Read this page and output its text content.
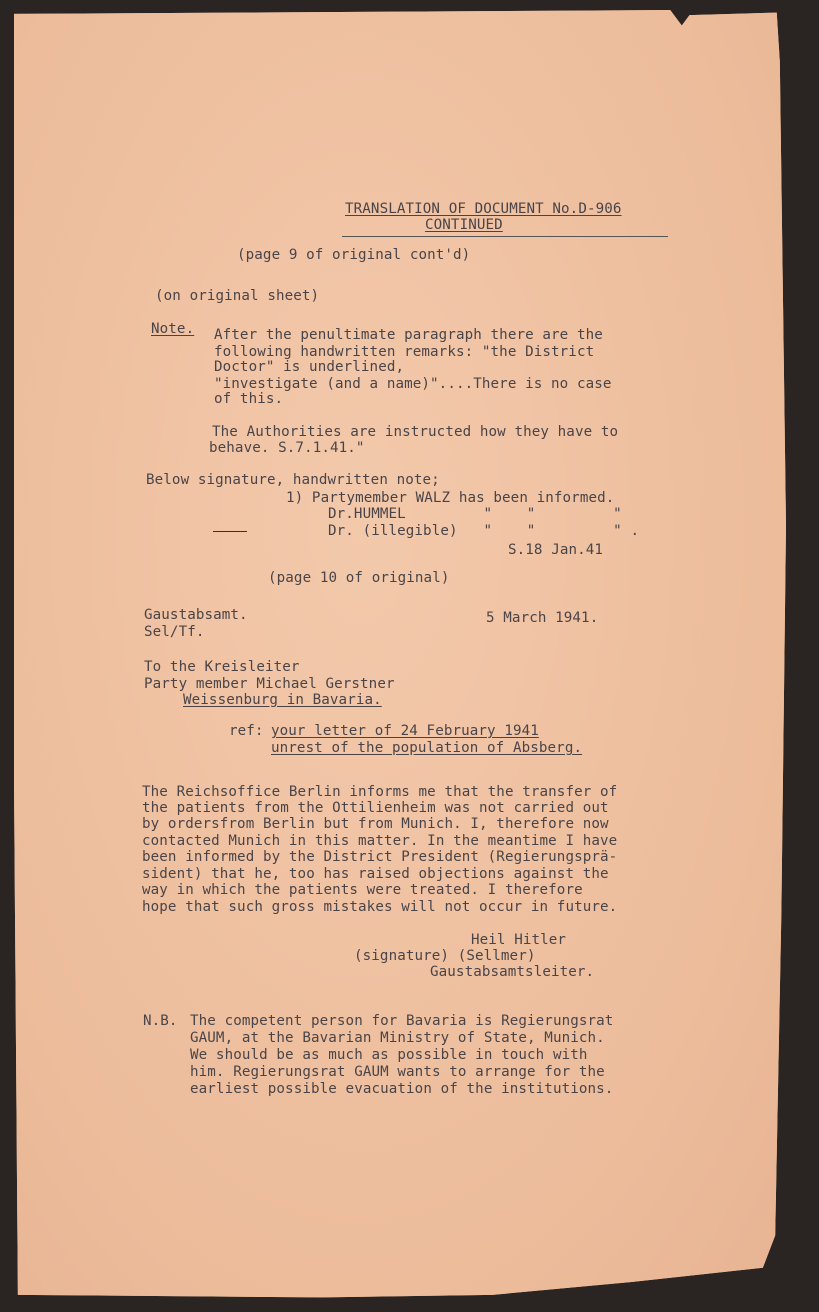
TRANSLATION OF DOCUMENT No.D-906

CONTINUED

(page 9 of original cont'd)

(on original sheet)

Note. After the penultimate paragraph there are the

following handwritten remarks: "the District

Doctor" is underlined,

"investigate (and a name)"....There is no case

of this.

The Authorities are instructed how they have to

behave. S.7.1.41."

Below signature, handwritten note;

1) Partymember WALZ has been informed.

Dr.HUMMEL         "    "         "

Dr. (illegible)   "    "         " .

S.18 Jan.41

(page 10 of original)

Gaustabsamt.

Sel/Tf.

5 March 1941.

To the Kreisleiter

Party member Michael Gerstner

Weissenburg in Bavaria.

ref: your letter of 24 February 1941

unrest of the population of Absberg.

The Reichsoffice Berlin informs me that the transfer of

the patients from the Ottilienheim was not carried out

by ordersfrom Berlin but from Munich. I, therefore now

contacted Munich in this matter. In the meantime I have

been informed by the District President (Regierungsprä-

sident) that he, too has raised objections against the

way in which the patients were treated. I therefore

hope that such gross mistakes will not occur in future.

Heil Hitler

(signature) (Sellmer)

Gaustabsamtsleiter.

N.B. The competent person for Bavaria is Regierungsrat

GAUM, at the Bavarian Ministry of State, Munich.

We should be as much as possible in touch with

him. Regierungsrat GAUM wants to arrange for the

earliest possible evacuation of the institutions.
